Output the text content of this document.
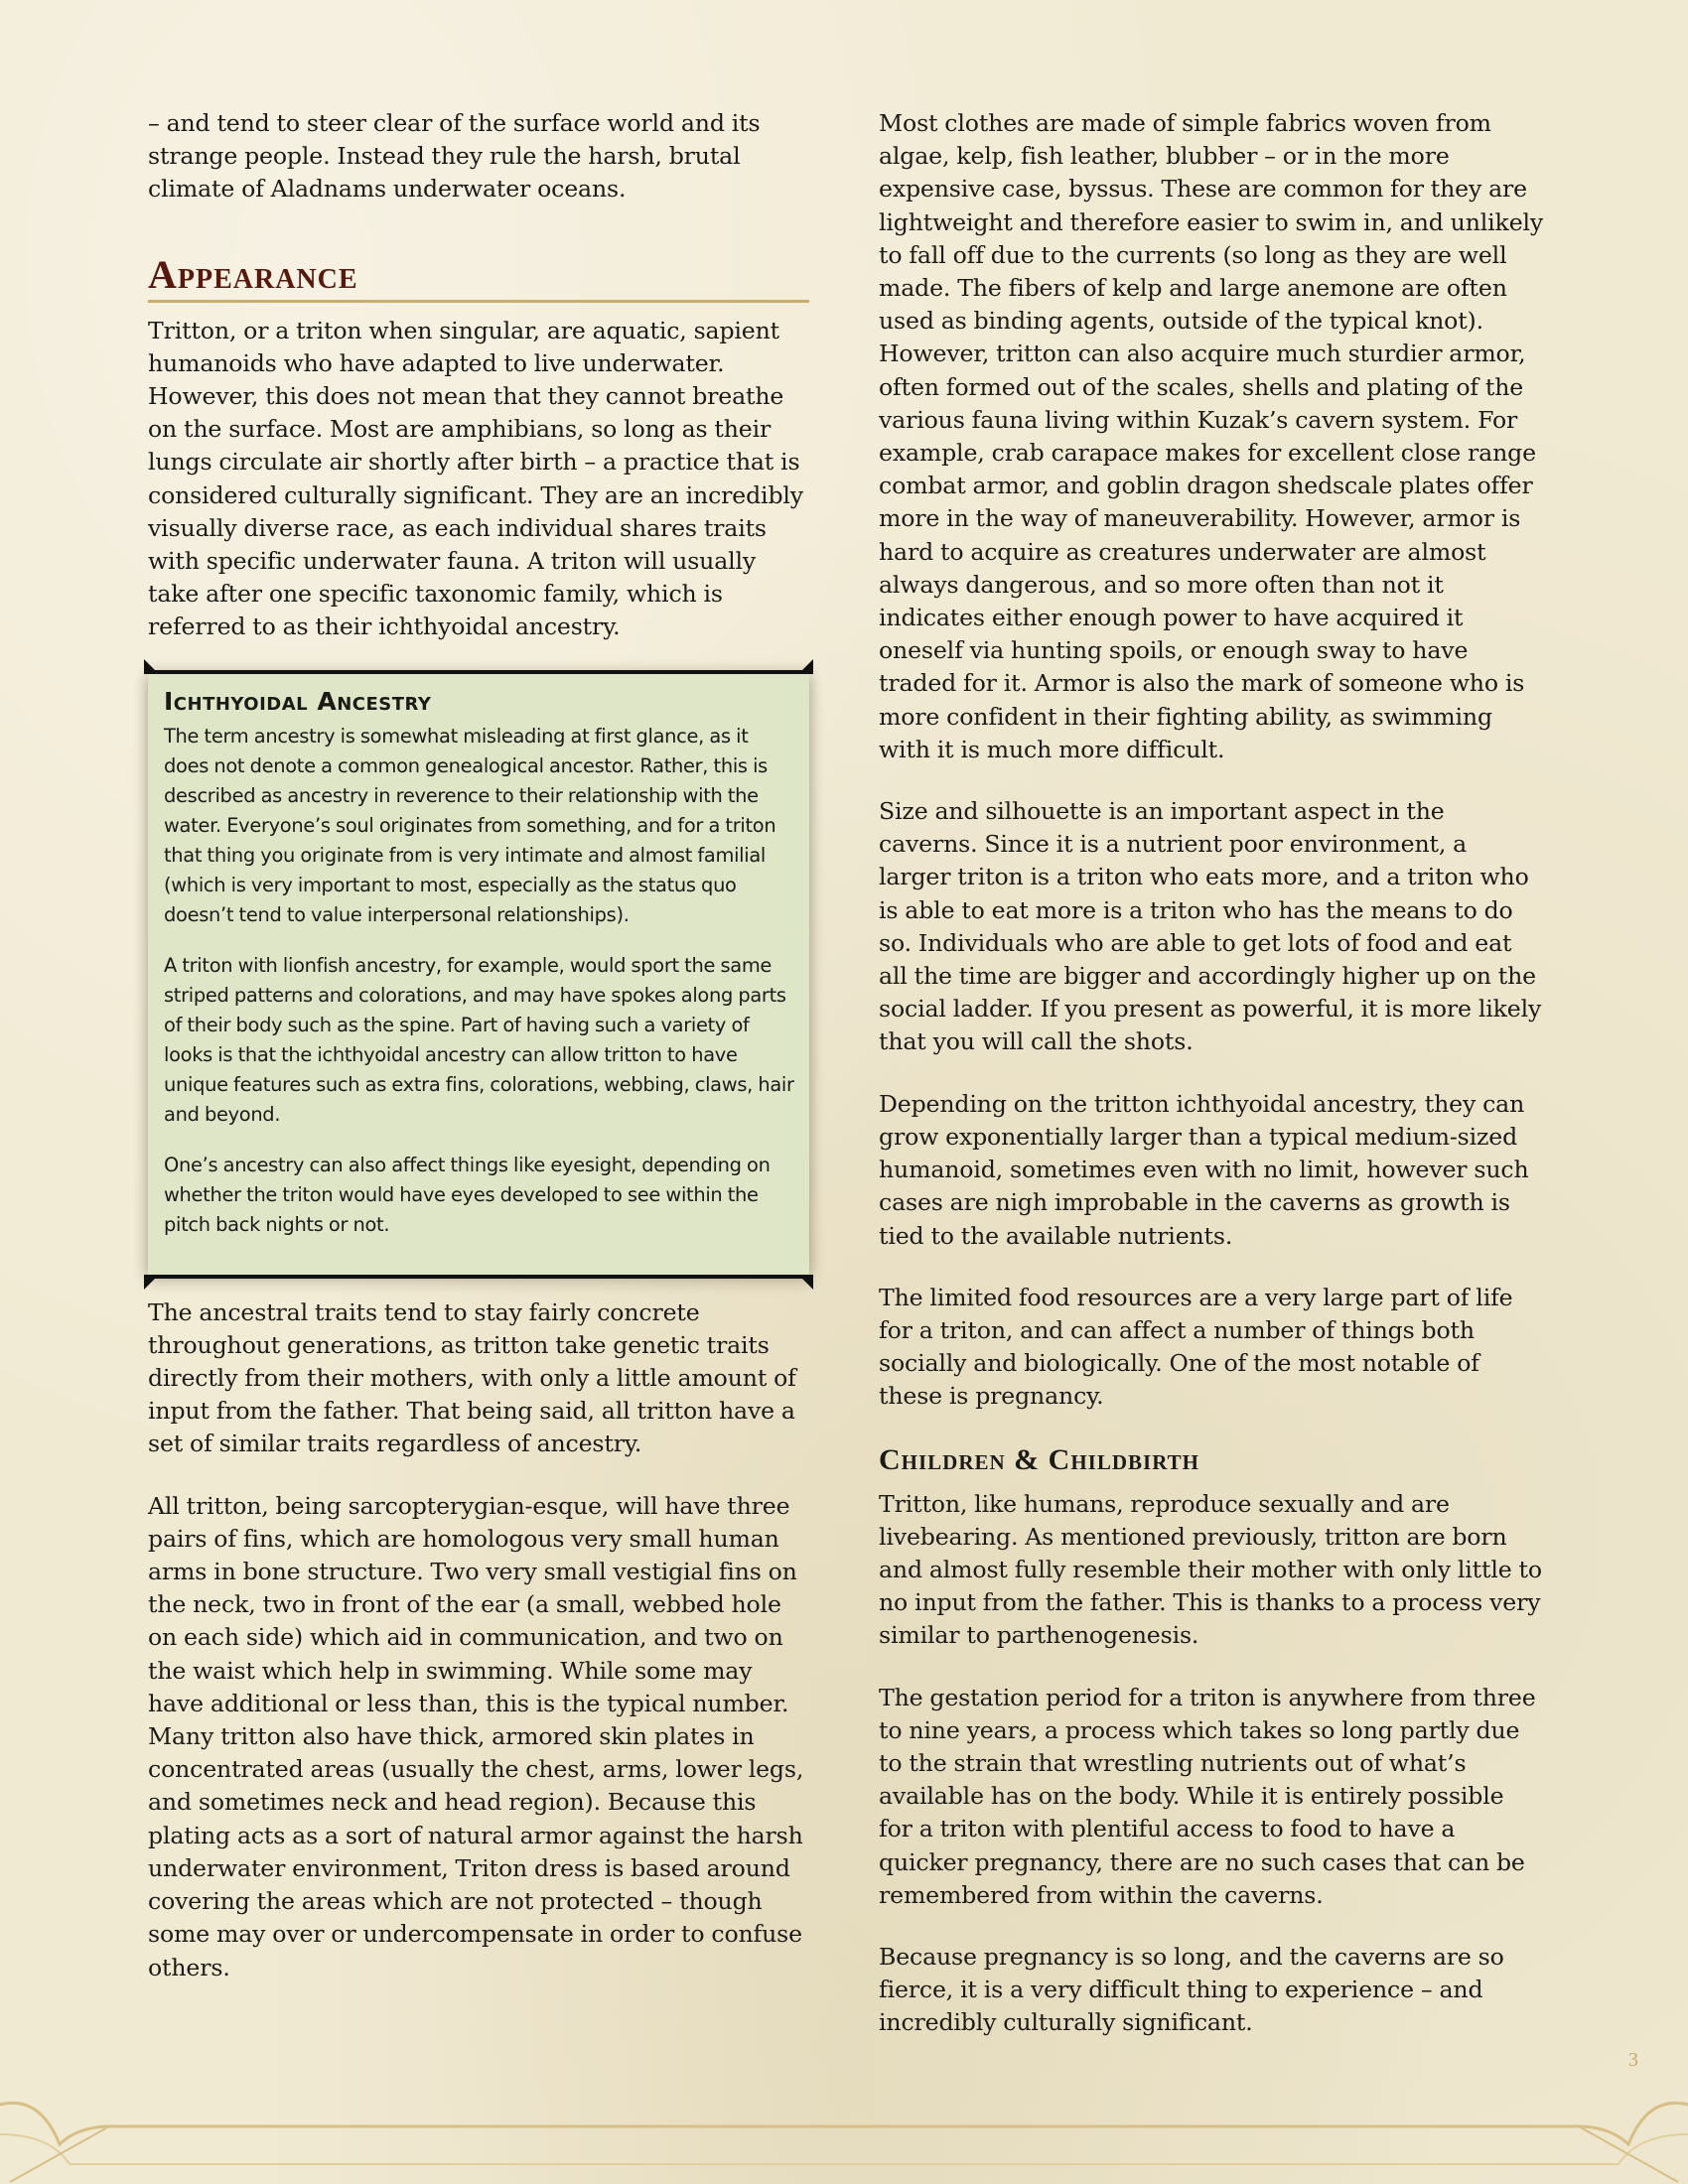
– and tend to steer clear of the surface world and its strange people. Instead they rule the harsh, brutal climate of Aladnams underwater oceans.

Appearance

Tritton, or a triton when singular, are aquatic, sapient humanoids who have adapted to live underwater. However, this does not mean that they cannot breathe on the surface. Most are amphibians, so long as their lungs circulate air shortly after birth – a practice that is considered culturally significant. They are an incredibly visually diverse race, as each individual shares traits with specific underwater fauna. A triton will usually take after one specific taxonomic family, which is referred to as their ichthyoidal ancestry.

Ichthyoidal Ancestry

The term ancestry is somewhat misleading at first glance, as it does not denote a common genealogical ancestor. Rather, this is described as ancestry in reverence to their relationship with the water. Everyone’s soul originates from something, and for a triton that thing you originate from is very intimate and almost familial (which is very important to most, especially as the status quo doesn’t tend to value interpersonal relationships).

A triton with lionfish ancestry, for example, would sport the same striped patterns and colorations, and may have spokes along parts of their body such as the spine. Part of having such a variety of looks is that the ichthyoidal ancestry can allow tritton to have unique features such as extra fins, colorations, webbing, claws, hair and beyond.

One’s ancestry can also affect things like eyesight, depending on whether the triton would have eyes developed to see within the pitch back nights or not.

The ancestral traits tend to stay fairly concrete throughout generations, as tritton take genetic traits directly from their mothers, with only a little amount of input from the father. That being said, all tritton have a set of similar traits regardless of ancestry.

All tritton, being sarcopterygian-esque, will have three pairs of fins, which are homologous very small human arms in bone structure. Two very small vestigial fins on the neck, two in front of the ear (a small, webbed hole on each side) which aid in communication, and two on the waist which help in swimming. While some may have additional or less than, this is the typical number. Many tritton also have thick, armored skin plates in concentrated areas (usually the chest, arms, lower legs, and sometimes neck and head region). Because this plating acts as a sort of natural armor against the harsh underwater environment, Triton dress is based around covering the areas which are not protected – though some may over or undercompensate in order to confuse others.

Most clothes are made of simple fabrics woven from algae, kelp, fish leather, blubber – or in the more expensive case, byssus. These are common for they are lightweight and therefore easier to swim in, and unlikely to fall off due to the currents (so long as they are well made. The fibers of kelp and large anemone are often used as binding agents, outside of the typical knot). However, tritton can also acquire much sturdier armor, often formed out of the scales, shells and plating of the various fauna living within Kuzak’s cavern system. For example, crab carapace makes for excellent close range combat armor, and goblin dragon shedscale plates offer more in the way of maneuverability. However, armor is hard to acquire as creatures underwater are almost always dangerous, and so more often than not it indicates either enough power to have acquired it oneself via hunting spoils, or enough sway to have traded for it. Armor is also the mark of someone who is more confident in their fighting ability, as swimming with it is much more difficult.

Size and silhouette is an important aspect in the caverns. Since it is a nutrient poor environment, a larger triton is a triton who eats more, and a triton who is able to eat more is a triton who has the means to do so. Individuals who are able to get lots of food and eat all the time are bigger and accordingly higher up on the social ladder. If you present as powerful, it is more likely that you will call the shots.

Depending on the tritton ichthyoidal ancestry, they can grow exponentially larger than a typical medium-sized humanoid, sometimes even with no limit, however such cases are nigh improbable in the caverns as growth is tied to the available nutrients.

The limited food resources are a very large part of life for a triton, and can affect a number of things both socially and biologically. One of the most notable of these is pregnancy.

Children & Childbirth

Tritton, like humans, reproduce sexually and are livebearing. As mentioned previously, tritton are born and almost fully resemble their mother with only little to no input from the father. This is thanks to a process very similar to parthenogenesis.

The gestation period for a triton is anywhere from three to nine years, a process which takes so long partly due to the strain that wrestling nutrients out of what’s available has on the body. While it is entirely possible for a triton with plentiful access to food to have a quicker pregnancy, there are no such cases that can be remembered from within the caverns.

Because pregnancy is so long, and the caverns are so fierce, it is a very difficult thing to experience – and incredibly culturally significant.

3
